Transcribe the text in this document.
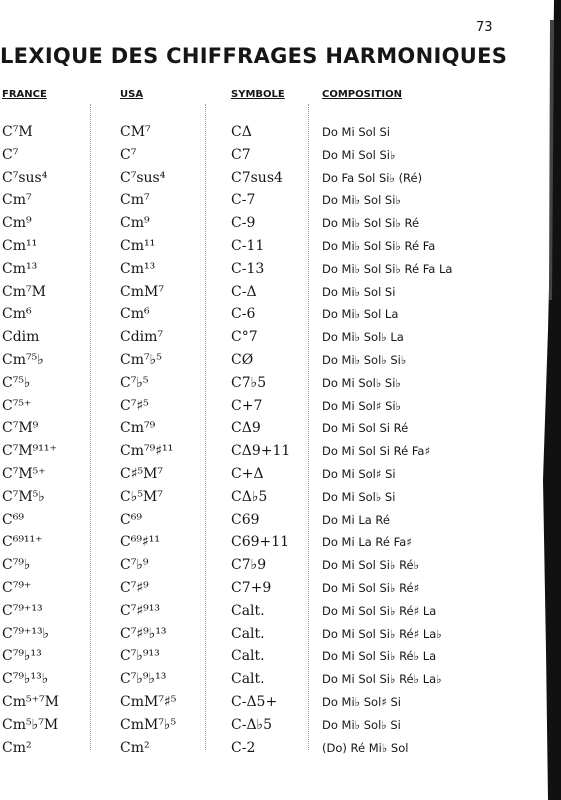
73
LEXIQUE DES CHIFFRAGES HARMONIQUES
FRANCE	USA	SYMBOLE	COMPOSITION
C⁷M	CM⁷	CΔ	Do Mi Sol Si
C⁷	C⁷	C7	Do Mi Sol Si♭
C⁷sus⁴	C⁷sus⁴	C7sus4	Do Fa Sol Si♭ (Ré)
Cm⁷	Cm⁷	C-7	Do Mi♭ Sol Si♭
Cm⁹	Cm⁹	C-9	Do Mi♭ Sol Si♭ Ré
Cm¹¹	Cm¹¹	C-11	Do Mi♭ Sol Si♭ Ré Fa
Cm¹³	Cm¹³	C-13	Do Mi♭ Sol Si♭ Ré Fa La
Cm⁷M	CmM⁷	C-Δ	Do Mi♭ Sol Si
Cm⁶	Cm⁶	C-6	Do Mi♭ Sol La
Cdim	Cdim⁷	C°7	Do Mi♭ Sol♭ La
Cm⁷⁵♭	Cm⁷♭⁵	CØ	Do Mi♭ Sol♭ Si♭
C⁷⁵♭	C⁷♭⁵	C7♭5	Do Mi Sol♭ Si♭
C⁷⁵⁺	C⁷♯⁵	C+7	Do Mi Sol♯ Si♭
C⁷M⁹	Cm⁷⁹	CΔ9	Do Mi Sol Si Ré
C⁷M⁹¹¹⁺	Cm⁷⁹♯¹¹	CΔ9+11	Do Mi Sol Si Ré Fa♯
C⁷M⁵⁺	C♯⁵M⁷	C+Δ	Do Mi Sol♯ Si
C⁷M⁵♭	C♭⁵M⁷	CΔ♭5	Do Mi Sol♭ Si
C⁶⁹	C⁶⁹	C69	Do Mi La Ré
C⁶⁹¹¹⁺	C⁶⁹♯¹¹	C69+11	Do Mi La Ré Fa♯
C⁷⁹♭	C⁷♭⁹	C7♭9	Do Mi Sol Si♭ Ré♭
C⁷⁹⁺	C⁷♯⁹	C7+9	Do Mi Sol Si♭ Ré♯
C⁷⁹⁺¹³	C⁷♯⁹¹³	Calt.	Do Mi Sol Si♭ Ré♯ La
C⁷⁹⁺¹³♭	C⁷♯⁹♭¹³	Calt.	Do Mi Sol Si♭ Ré♯ La♭
C⁷⁹♭¹³	C⁷♭⁹¹³	Calt.	Do Mi Sol Si♭ Ré♭ La
C⁷⁹♭¹³♭	C⁷♭⁹♭¹³	Calt.	Do Mi Sol Si♭ Ré♭ La♭
Cm⁵⁺⁷M	CmM⁷♯⁵	C-Δ5+	Do Mi♭ Sol♯ Si
Cm⁵♭⁷M	CmM⁷♭⁵	C-Δ♭5	Do Mi♭ Sol♭ Si
Cm²	Cm²	C-2	(Do) Ré Mi♭ Sol
